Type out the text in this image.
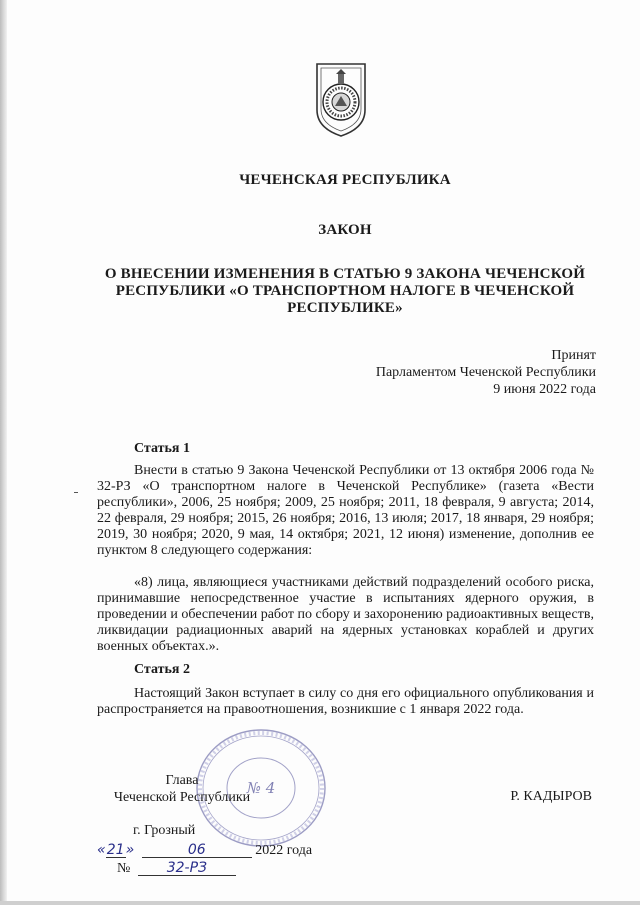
ЧЕЧЕНСКАЯ РЕСПУБЛИКА
ЗАКОН
О ВНЕСЕНИИ ИЗМЕНЕНИЯ В СТАТЬЮ 9 ЗАКОНА ЧЕЧЕНСКОЙ РЕСПУБЛИКИ «О ТРАНСПОРТНОМ НАЛОГЕ В ЧЕЧЕНСКОЙ РЕСПУБЛИКЕ»
Принят
Парламентом Чеченской Республики
9 июня 2022 года
Статья 1
Внести в статью 9 Закона Чеченской Республики от 13 октября 2006 года № 32-РЗ «О транспортном налоге в Чеченской Республике» (газета «Вести республики», 2006, 25 ноября; 2009, 25 ноября; 2011, 18 февраля, 9 августа; 2014, 22 февраля, 29 ноября; 2015, 26 ноября; 2016, 13 июля; 2017, 18 января, 29 ноября; 2019, 30 ноября; 2020, 9 мая, 14 октября; 2021, 12 июня) изменение, дополнив ее пунктом 8 следующего содержания:
«8) лица, являющиеся участниками действий подразделений особого риска, принимавшие непосредственное участие в испытаниях ядерного оружия, в проведении и обеспечении работ по сбору и захоронению радиоактивных веществ, ликвидации радиационных аварий на ядерных установках кораблей и других военных объектах.».
Статья 2
Настоящий Закон вступает в силу со дня его официального опубликования и распространяется на правоотношения, возникшие с 1 января 2022 года.
№ 4
Глава
Чеченской Республики	Р. КАДЫРОВ
г. Грозный
«21»	06	2022 года
№	32-РЗ
